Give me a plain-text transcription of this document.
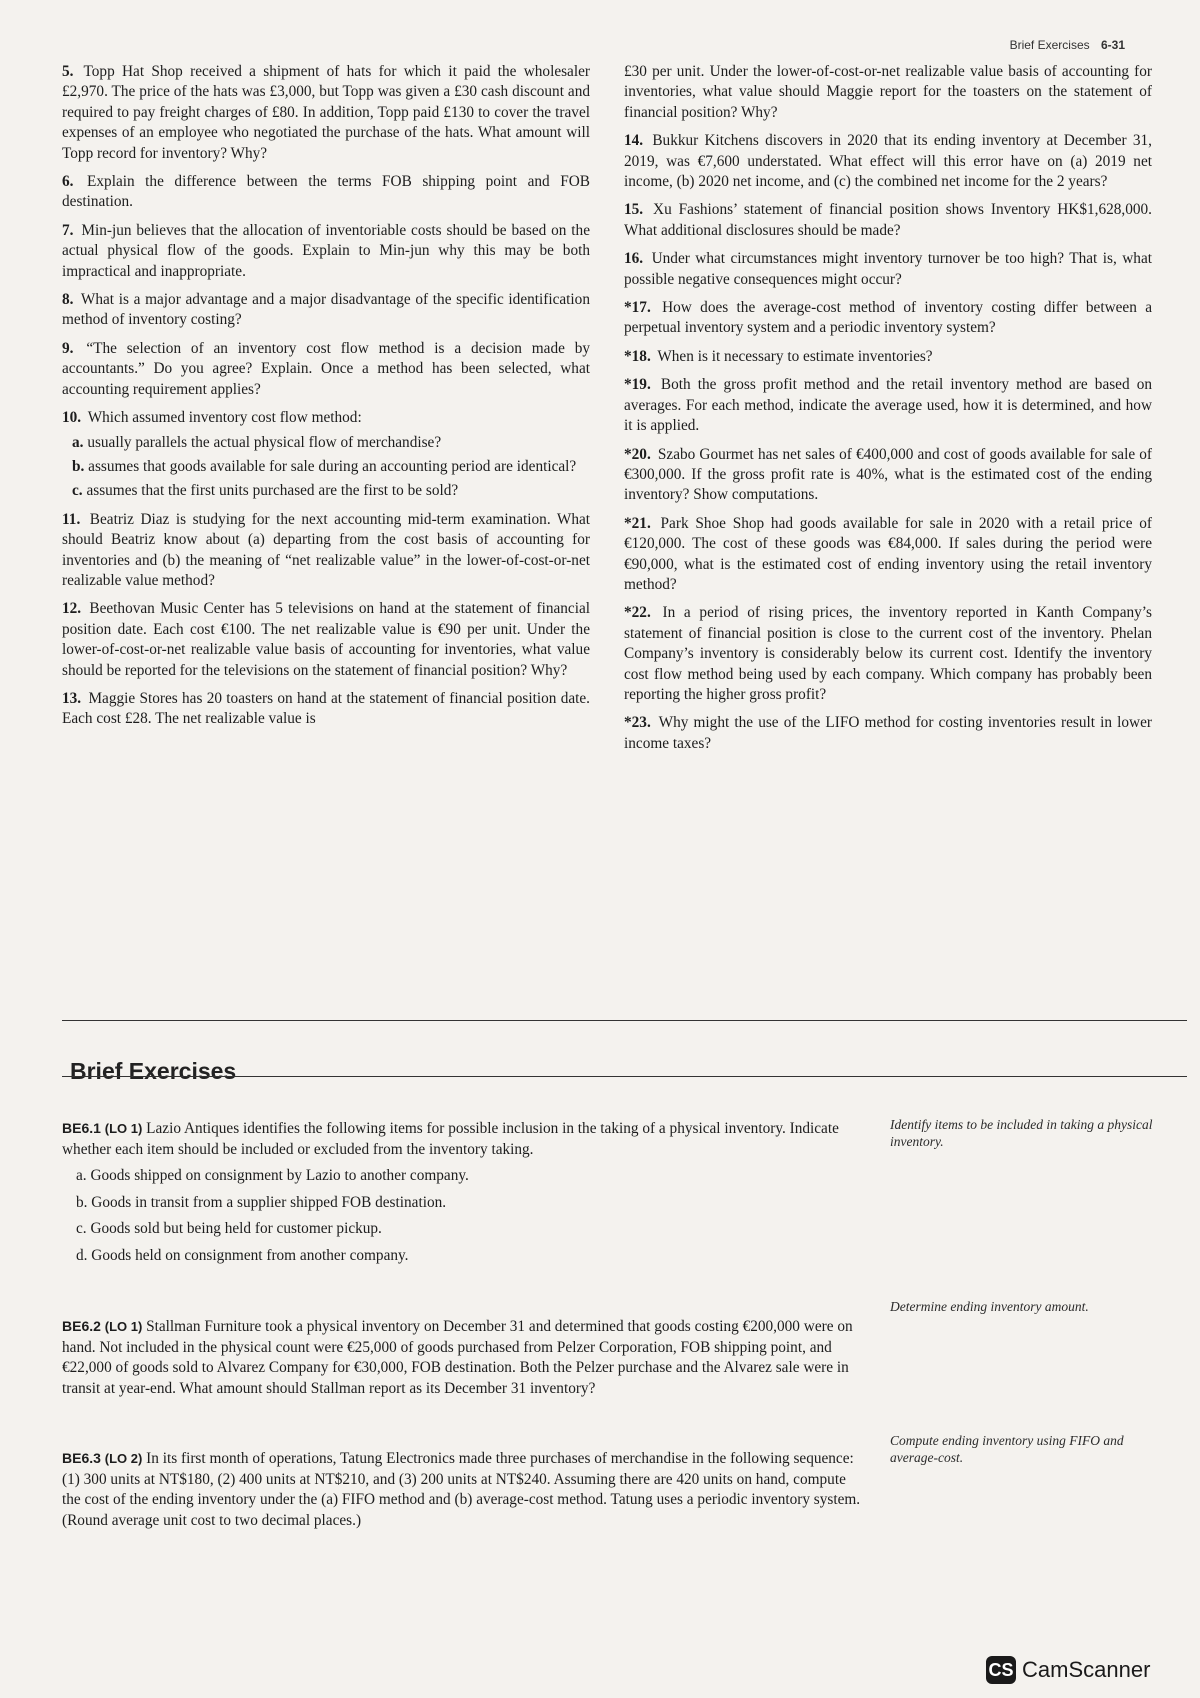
Brief Exercises 6-31

5. Topp Hat Shop received a shipment of hats for which it paid the wholesaler £2,970. The price of the hats was £3,000, but Topp was given a £30 cash discount and required to pay freight charges of £80. In addition, Topp paid £130 to cover the travel expenses of an employee who negotiated the purchase of the hats. What amount will Topp record for inventory? Why?

6. Explain the difference between the terms FOB shipping point and FOB destination.

7. Min-jun believes that the allocation of inventoriable costs should be based on the actual physical flow of the goods. Explain to Min-jun why this may be both impractical and inappropriate.

8. What is a major advantage and a major disadvantage of the specific identification method of inventory costing?

9. “The selection of an inventory cost flow method is a decision made by accountants.” Do you agree? Explain. Once a method has been selected, what accounting requirement applies?

10. Which assumed inventory cost flow method:
a. usually parallels the actual physical flow of merchandise?
b. assumes that goods available for sale during an accounting period are identical?
c. assumes that the first units purchased are the first to be sold?

11. Beatriz Diaz is studying for the next accounting mid-term examination. What should Beatriz know about (a) departing from the cost basis of accounting for inventories and (b) the meaning of “net realizable value” in the lower-of-cost-or-net realizable value method?

12. Beethovan Music Center has 5 televisions on hand at the statement of financial position date. Each cost €100. The net realizable value is €90 per unit. Under the lower-of-cost-or-net realizable value basis of accounting for inventories, what value should be reported for the televisions on the statement of financial position? Why?

13. Maggie Stores has 20 toasters on hand at the statement of financial position date. Each cost £28. The net realizable value is

£30 per unit. Under the lower-of-cost-or-net realizable value basis of accounting for inventories, what value should Maggie report for the toasters on the statement of financial position? Why?

14. Bukkur Kitchens discovers in 2020 that its ending inventory at December 31, 2019, was €7,600 understated. What effect will this error have on (a) 2019 net income, (b) 2020 net income, and (c) the combined net income for the 2 years?

15. Xu Fashions’ statement of financial position shows Inventory HK$1,628,000. What additional disclosures should be made?

16. Under what circumstances might inventory turnover be too high? That is, what possible negative consequences might occur?

*17. How does the average-cost method of inventory costing differ between a perpetual inventory system and a periodic inventory system?

*18. When is it necessary to estimate inventories?

*19. Both the gross profit method and the retail inventory method are based on averages. For each method, indicate the average used, how it is determined, and how it is applied.

*20. Szabo Gourmet has net sales of €400,000 and cost of goods available for sale of €300,000. If the gross profit rate is 40%, what is the estimated cost of the ending inventory? Show computations.

*21. Park Shoe Shop had goods available for sale in 2020 with a retail price of €120,000. The cost of these goods was €84,000. If sales during the period were €90,000, what is the estimated cost of ending inventory using the retail inventory method?

*22. In a period of rising prices, the inventory reported in Kanth Company’s statement of financial position is close to the current cost of the inventory. Phelan Company’s inventory is considerably below its current cost. Identify the inventory cost flow method being used by each company. Which company has probably been reporting the higher gross profit?

*23. Why might the use of the LIFO method for costing inventories result in lower income taxes?

Brief Exercises
BE6.1 (LO 1) Lazio Antiques identifies the following items for possible inclusion in the taking of a physical inventory. Indicate whether each item should be included or excluded from the inventory taking.
a. Goods shipped on consignment by Lazio to another company.
b. Goods in transit from a supplier shipped FOB destination.
c. Goods sold but being held for customer pickup.
d. Goods held on consignment from another company.
Identify items to be included in taking a physical inventory.
BE6.2 (LO 1) Stallman Furniture took a physical inventory on December 31 and determined that goods costing €200,000 were on hand. Not included in the physical count were €25,000 of goods purchased from Pelzer Corporation, FOB shipping point, and €22,000 of goods sold to Alvarez Company for €30,000, FOB destination. Both the Pelzer purchase and the Alvarez sale were in transit at year-end. What amount should Stallman report as its December 31 inventory?
Determine ending inventory amount.
BE6.3 (LO 2) In its first month of operations, Tatung Electronics made three purchases of merchandise in the following sequence: (1) 300 units at NT$180, (2) 400 units at NT$210, and (3) 200 units at NT$240. Assuming there are 420 units on hand, compute the cost of the ending inventory under the (a) FIFO method and (b) average-cost method. Tatung uses a periodic inventory system. (Round average unit cost to two decimal places.)
Compute ending inventory using FIFO and average-cost.
CS CamScanner
